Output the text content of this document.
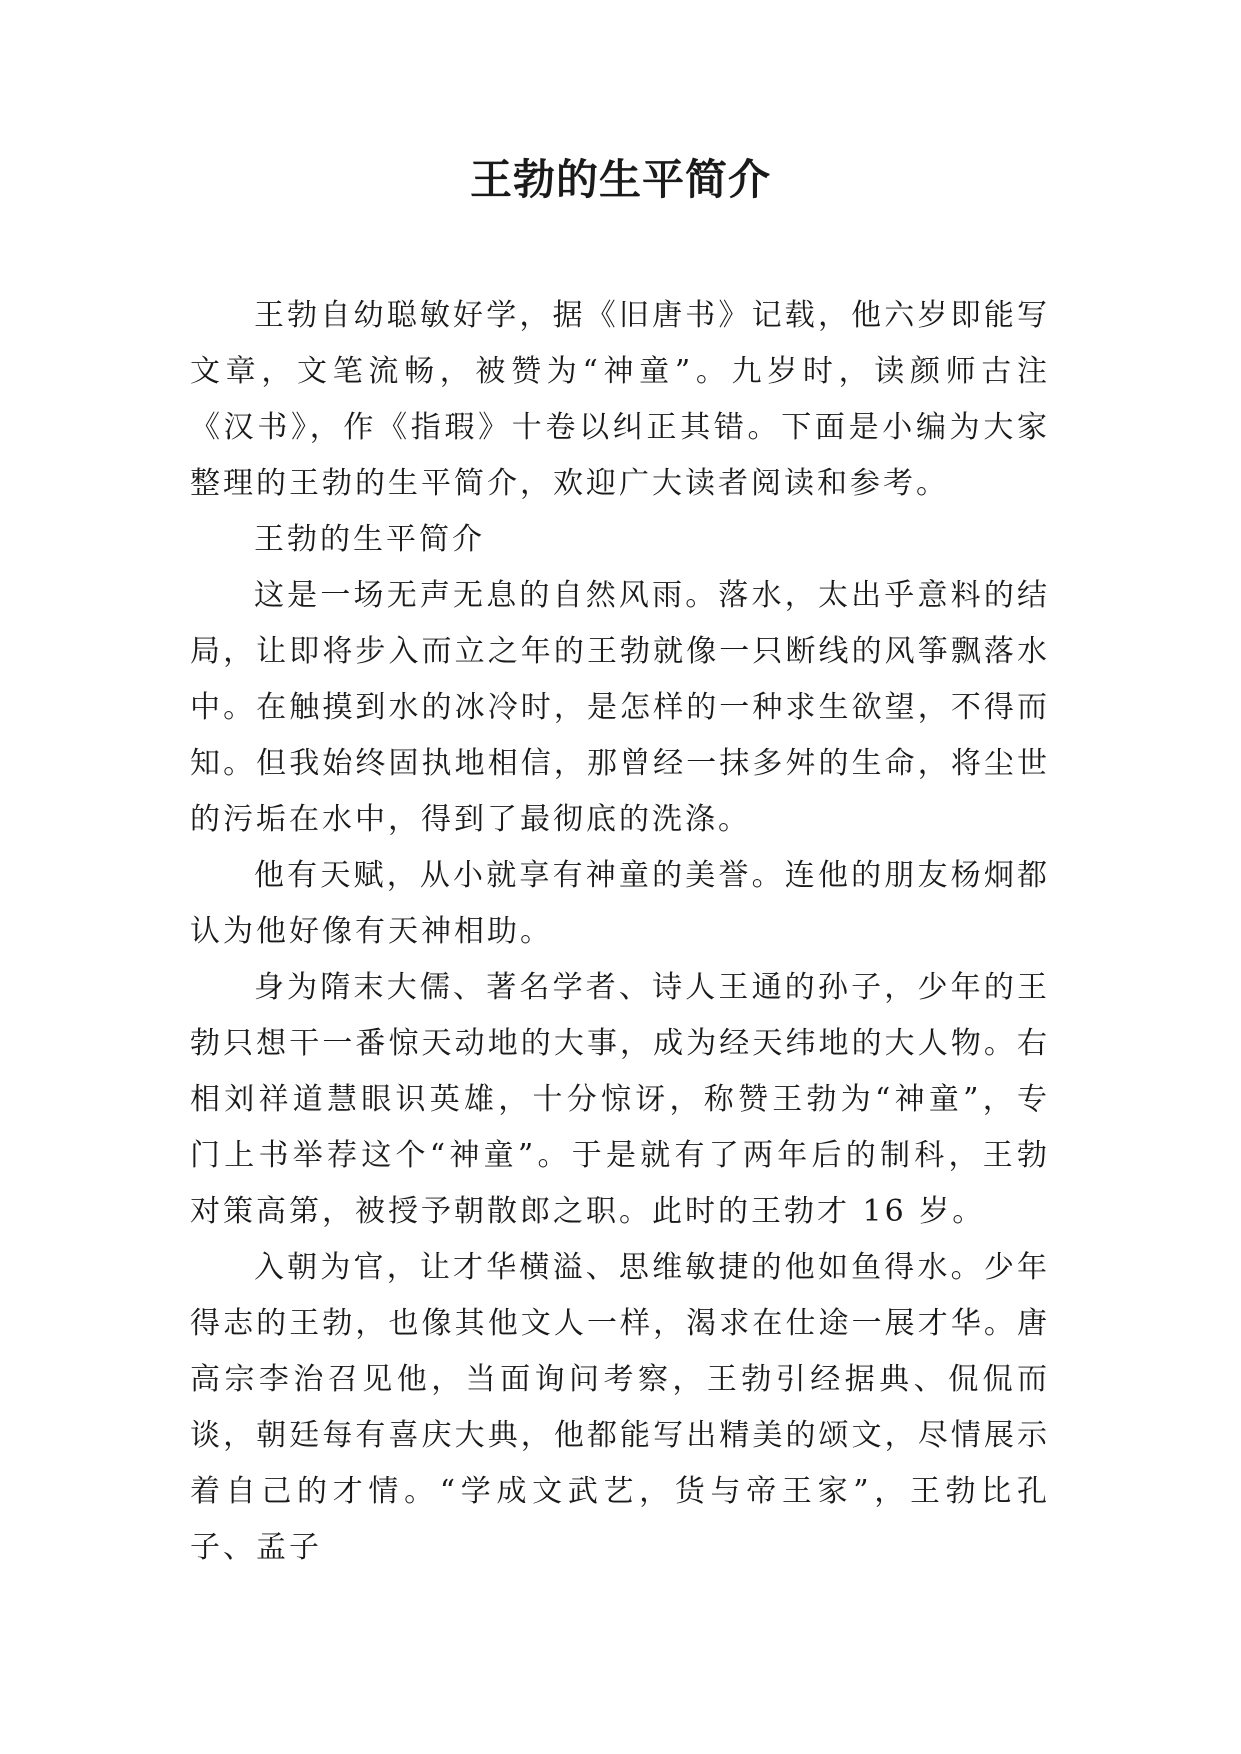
王勃的生平简介

王勃自幼聪敏好学，据《旧唐书》记载，他六岁即能写文章，文笔流畅，被赞为“神童”。九岁时，读颜师古注《汉书》，作《指瑕》十卷以纠正其错。下面是小编为大家整理的王勃的生平简介，欢迎广大读者阅读和参考。

王勃的生平简介

这是一场无声无息的自然风雨。落水，太出乎意料的结局，让即将步入而立之年的王勃就像一只断线的风筝飘落水中。在触摸到水的冰冷时，是怎样的一种求生欲望，不得而知。但我始终固执地相信，那曾经一抹多舛的生命，将尘世的污垢在水中，得到了最彻底的洗涤。

他有天赋，从小就享有神童的美誉。连他的朋友杨炯都认为他好像有天神相助。

身为隋末大儒、著名学者、诗人王通的孙子，少年的王勃只想干一番惊天动地的大事，成为经天纬地的大人物。右相刘祥道慧眼识英雄，十分惊讶，称赞王勃为“神童”，专门上书举荐这个“神童”。于是就有了两年后的制科，王勃对策高第，被授予朝散郎之职。此时的王勃才 16 岁。

入朝为官，让才华横溢、思维敏捷的他如鱼得水。少年得志的王勃，也像其他文人一样，渴求在仕途一展才华。唐高宗李治召见他，当面询问考察，王勃引经据典、侃侃而谈，朝廷每有喜庆大典，他都能写出精美的颂文，尽情展示着自己的才情。“学成文武艺，货与帝王家”，王勃比孔子、孟子
